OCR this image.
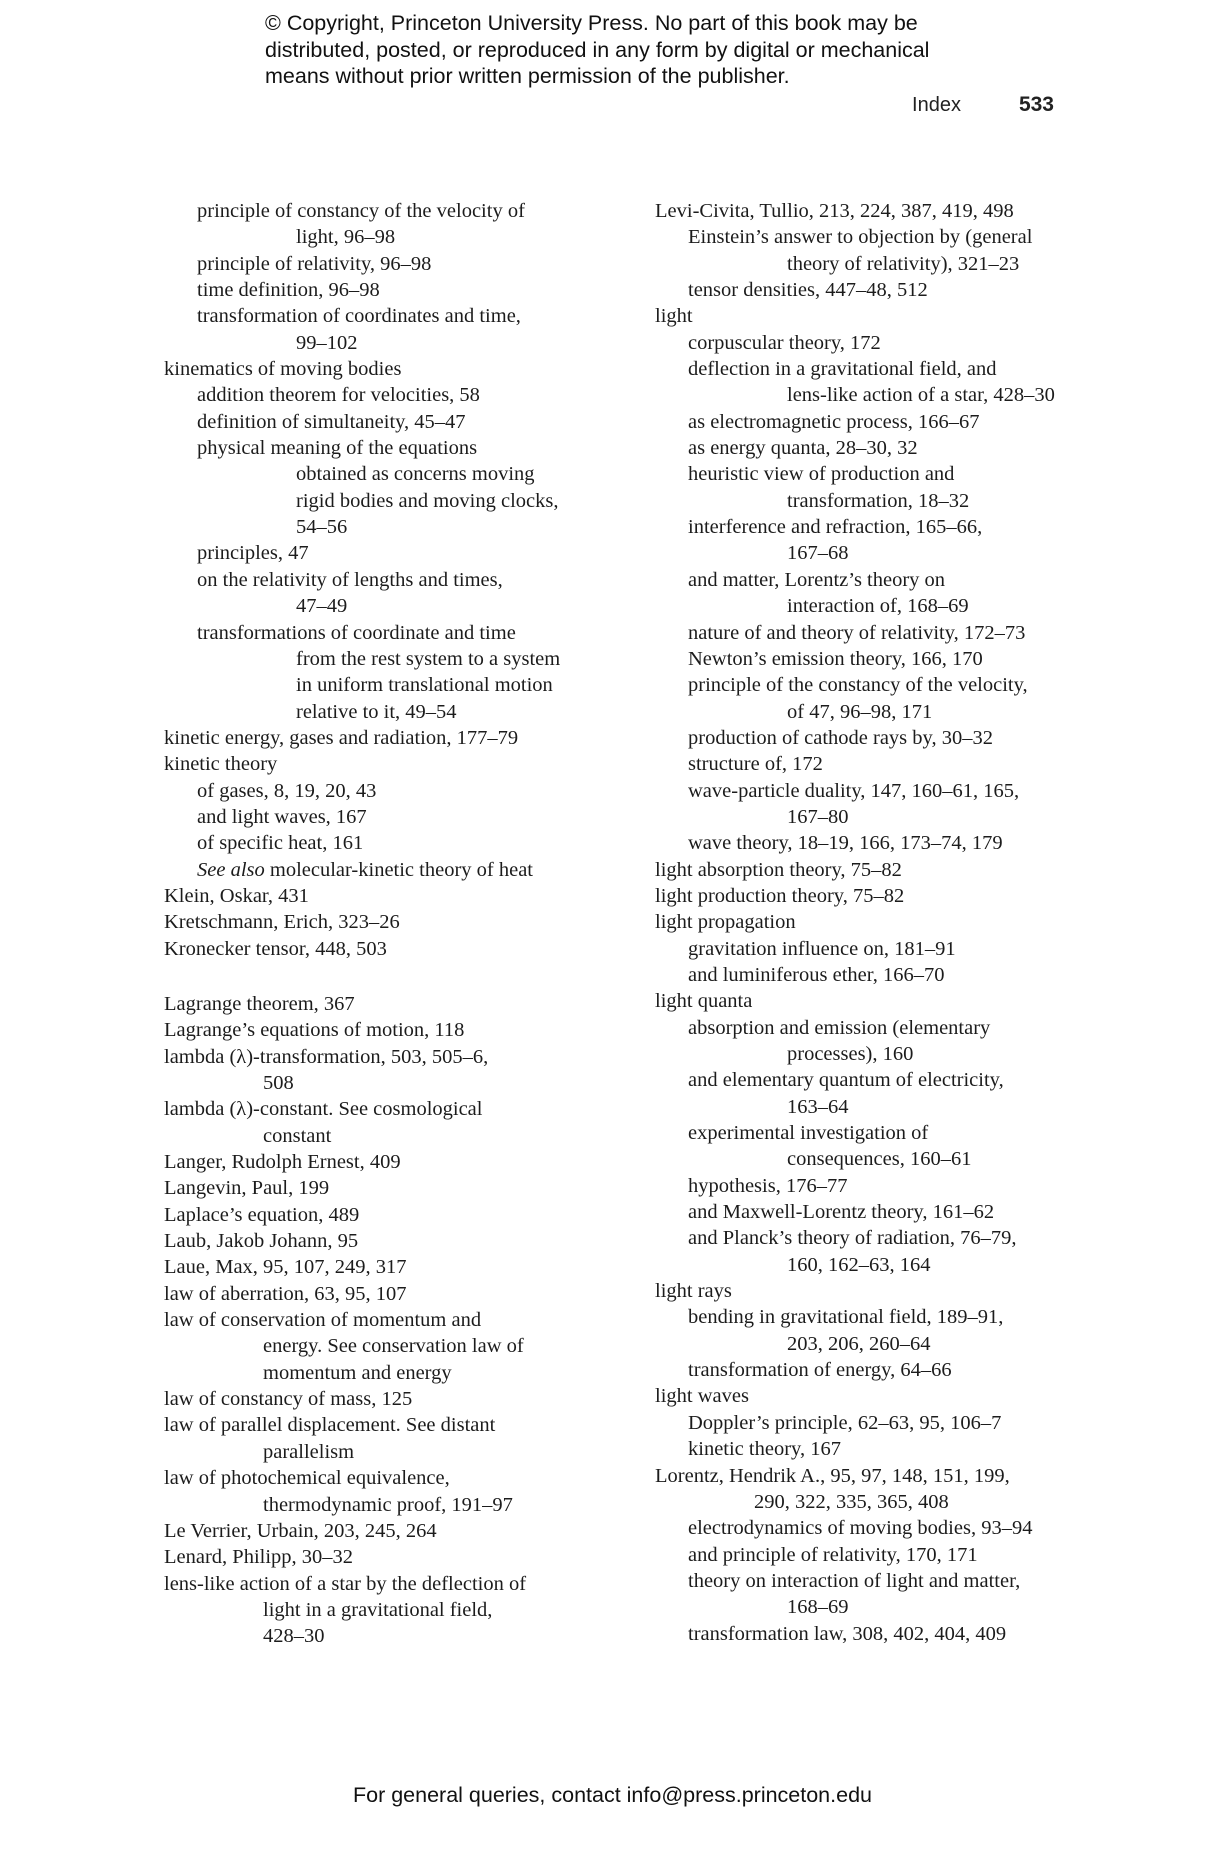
© Copyright, Princeton University Press. No part of this book may be
distributed, posted, or reproduced in any form by digital or mechanical
means without prior written permission of the publisher.
Index	533
principle of constancy of the velocity of
light, 96–98
principle of relativity, 96–98
time definition, 96–98
transformation of coordinates and time,
99–102
kinematics of moving bodies
addition theorem for velocities, 58
definition of simultaneity, 45–47
physical meaning of the equations
obtained as concerns moving
rigid bodies and moving clocks,
54–56
principles, 47
on the relativity of lengths and times,
47–49
transformations of coordinate and time
from the rest system to a system
in uniform translational motion
relative to it, 49–54
kinetic energy, gases and radiation, 177–79
kinetic theory
of gases, 8, 19, 20, 43
and light waves, 167
of specific heat, 161
See also molecular-kinetic theory of heat
Klein, Oskar, 431
Kretschmann, Erich, 323–26
Kronecker tensor, 448, 503
Lagrange theorem, 367
Lagrange’s equations of motion, 118
lambda (λ)-transformation, 503, 505–6,
508
lambda (λ)-constant. See cosmological
constant
Langer, Rudolph Ernest, 409
Langevin, Paul, 199
Laplace’s equation, 489
Laub, Jakob Johann, 95
Laue, Max, 95, 107, 249, 317
law of aberration, 63, 95, 107
law of conservation of momentum and
energy. See conservation law of
momentum and energy
law of constancy of mass, 125
law of parallel displacement. See distant
parallelism
law of photochemical equivalence,
thermodynamic proof, 191–97
Le Verrier, Urbain, 203, 245, 264
Lenard, Philipp, 30–32
lens-like action of a star by the deflection of
light in a gravitational field,
428–30
Levi-Civita, Tullio, 213, 224, 387, 419, 498
Einstein’s answer to objection by (general
theory of relativity), 321–23
tensor densities, 447–48, 512
light
corpuscular theory, 172
deflection in a gravitational field, and
lens-like action of a star, 428–30
as electromagnetic process, 166–67
as energy quanta, 28–30, 32
heuristic view of production and
transformation, 18–32
interference and refraction, 165–66,
167–68
and matter, Lorentz’s theory on
interaction of, 168–69
nature of and theory of relativity, 172–73
Newton’s emission theory, 166, 170
principle of the constancy of the velocity,
of 47, 96–98, 171
production of cathode rays by, 30–32
structure of, 172
wave-particle duality, 147, 160–61, 165,
167–80
wave theory, 18–19, 166, 173–74, 179
light absorption theory, 75–82
light production theory, 75–82
light propagation
gravitation influence on, 181–91
and luminiferous ether, 166–70
light quanta
absorption and emission (elementary
processes), 160
and elementary quantum of electricity,
163–64
experimental investigation of
consequences, 160–61
hypothesis, 176–77
and Maxwell-Lorentz theory, 161–62
and Planck’s theory of radiation, 76–79,
160, 162–63, 164
light rays
bending in gravitational field, 189–91,
203, 206, 260–64
transformation of energy, 64–66
light waves
Doppler’s principle, 62–63, 95, 106–7
kinetic theory, 167
Lorentz, Hendrik A., 95, 97, 148, 151, 199,
290, 322, 335, 365, 408
electrodynamics of moving bodies, 93–94
and principle of relativity, 170, 171
theory on interaction of light and matter,
168–69
transformation law, 308, 402, 404, 409
For general queries, contact info@press.princeton.edu
